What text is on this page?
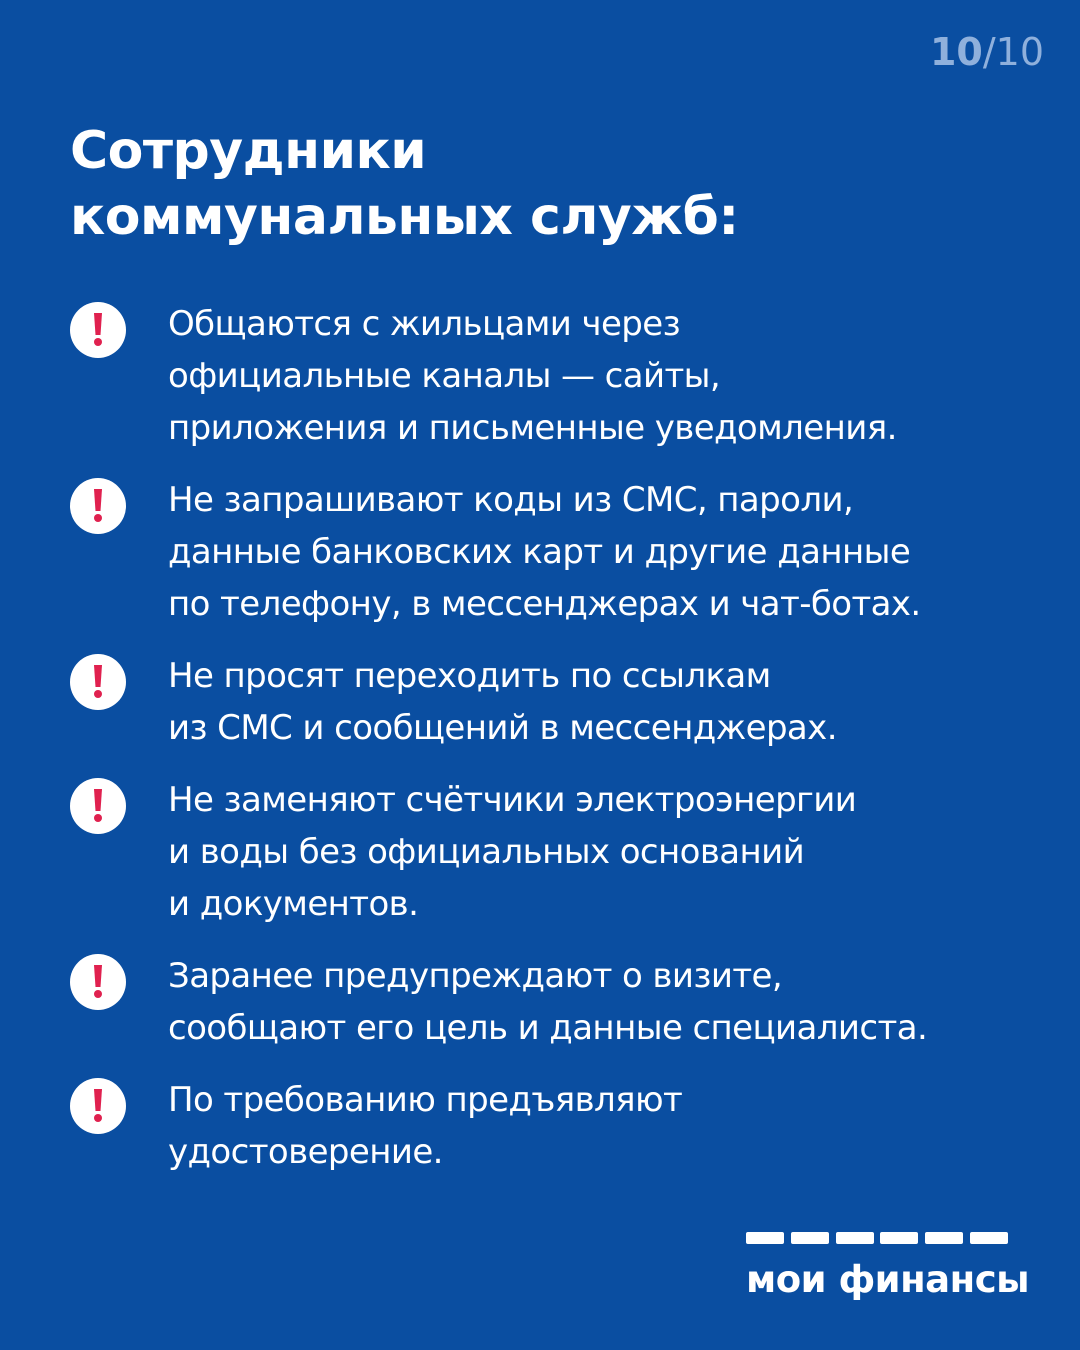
10/10
Сотрудники
коммунальных служб:
Общаются с жильцами через
официальные каналы — сайты,
приложения и письменные уведомления.
Не запрашивают коды из СМС, пароли,
данные банковских карт и другие данные
по телефону, в мессенджерах и чат-ботах.
Не просят переходить по ссылкам
из СМС и сообщений в мессенджерах.
Не заменяют счётчики электроэнергии
и воды без официальных оснований
и документов.
Заранее предупреждают о визите,
сообщают его цель и данные специалиста.
По требованию предъявляют
удостоверение.
мои финансы
